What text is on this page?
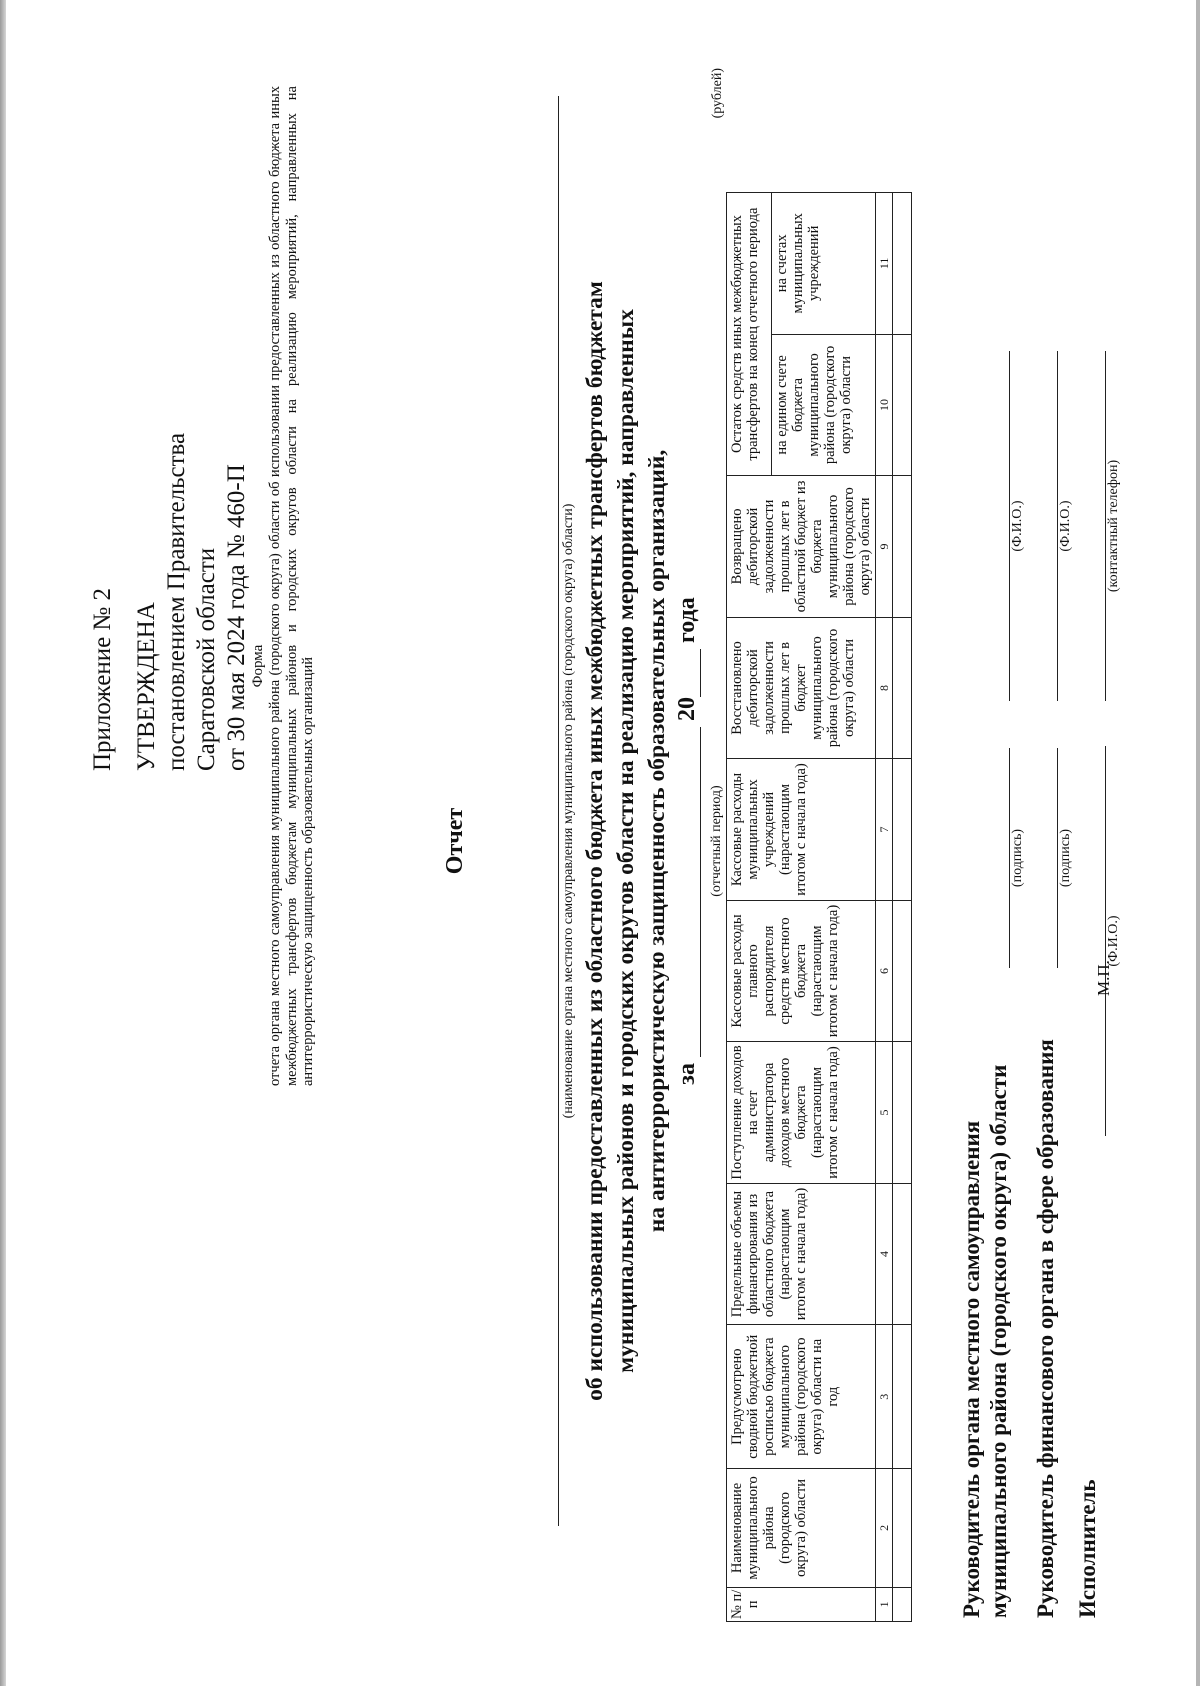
Приложение № 2 УТВЕРЖДЕНА постановлением Правительства Саратовской области от 30 мая 2024 года № 460-П Форма отчета органа местного самоуправления муниципального района (городского округа) области об использовании предоставленных из областного бюджета иных межбюджетных трансфертов бюджетам муниципальных районов и городских округов области на реализацию мероприятий, направленных на антитеррористическую защищенность образовательных организаций	Отчет	(наименование органа местного самоуправления муниципального района (городского округа) области) об использовании предоставленных из областного бюджета иных межбюджетных трансфертов бюджетам муниципальных районов и городских округов области на реализацию мероприятий, направленных на антитеррористическую защищенность образовательных организаций, за  20 года
(отчетный период)
(рублей)
№ п/п	Наименование муниципального района (городского округа) области	Предусмотрено сводной бюджетной росписью бюджета муниципального района (городского округа) области на год	Предельные объемы финансирования из областного бюджета (нарастающим итогом с начала года)	Поступление доходов на счет администратора доходов местного бюджета (нарастающим итогом с начала года)	Кассовые расходы главного распорядителя средств местного бюджета (нарастающим итогом с начала года)	Кассовые расходы муниципальных учреждений (нарастающим итогом с начала года)	Восстановлено дебиторской задолженности прошлых лет в бюджет муниципального района (городского округа) области	Возвращено дебиторской задолженности прошлых лет в областной бюджет из бюджета муниципального района (городского округа) области	Остаток средств иных межбюджетных трансфертов на конец отчетного периода	
									на едином счете бюджета муниципального района (городского округа) области	на счетах муниципальных учреждений
1	2	3	4	5	6	7	8	9	10	11

Руководитель органа местного самоуправления муниципального района (городского округа) области
(подпись)
(Ф.И.О.)
Руководитель финансового органа в сфере образования
(подпись)
(Ф.И.О.)
Исполнитель
(Ф.И.О.)
(контактный телефон)
М.П.
